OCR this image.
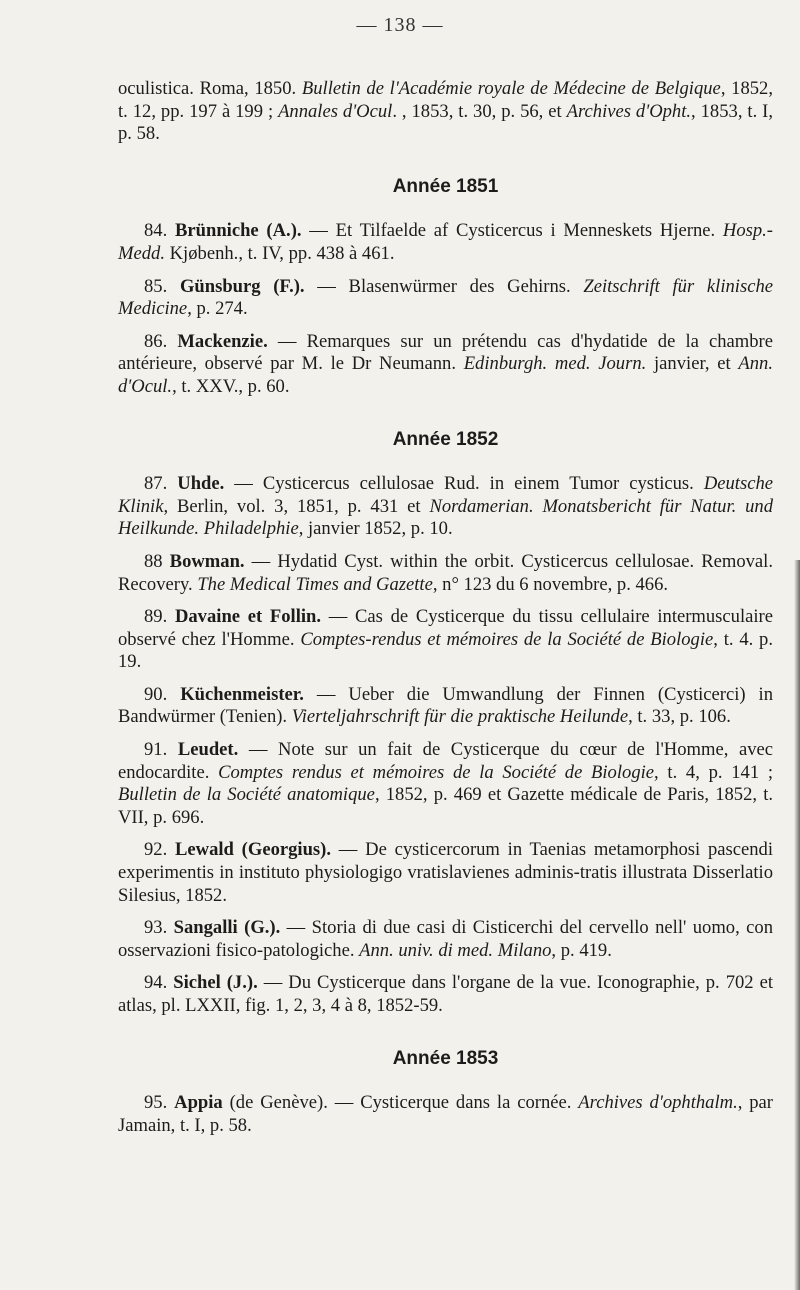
— 138 —

oculistica. Roma, 1850. Bulletin de l'Académie royale de Médecine de Belgique, 1852, t. 12, pp. 197 à 199 ; Annales d'Ocul. , 1853, t. 30, p. 56, et Archives d'Opht., 1853, t. I, p. 58.

Année 1851

84. Brünniche (A.). — Et Tilfaelde af Cysticercus i Menneskets Hjerne. Hosp.-Medd. Kjøbenh., t. IV, pp. 438 à 461.

85. Günsburg (F.). — Blasenwürmer des Gehirns. Zeitschrift für klinische Medicine, p. 274.

86. Mackenzie. — Remarques sur un prétendu cas d'hydatide de la chambre antérieure, observé par M. le Dr Neumann. Edinburgh. med. Journ. janvier, et Ann. d'Ocul., t. XXV., p. 60.

Année 1852

87. Uhde. — Cysticercus cellulosae Rud. in einem Tumor cysticus. Deutsche Klinik, Berlin, vol. 3, 1851, p. 431 et Nordamerian. Monatsbericht für Natur. und Heilkunde. Philadelphie, janvier 1852, p. 10.

88 Bowman. — Hydatid Cyst. within the orbit. Cysticercus cellulosae. Removal. Recovery. The Medical Times and Gazette, n° 123 du 6 novembre, p. 466.

89. Davaine et Follin. — Cas de Cysticerque du tissu cellulaire intermusculaire observé chez l'Homme. Comptes-rendus et mémoires de la Société de Biologie, t. 4. p. 19.

90. Küchenmeister. — Ueber die Umwandlung der Finnen (Cysticerci) in Bandwürmer (Tenien). Vierteljahrschrift für die praktische Heilunde, t. 33, p. 106.

91. Leudet. — Note sur un fait de Cysticerque du cœur de l'Homme, avec endocardite. Comptes rendus et mémoires de la Société de Biologie, t. 4, p. 141 ; Bulletin de la Société anatomique, 1852, p. 469 et Gazette médicale de Paris, 1852, t. VII, p. 696.

92. Lewald (Georgius). — De cysticercorum in Taenias metamorphosi pascendi experimentis in instituto physiologigo vratislavienes adminis-tratis illustrata Disserlatio Silesius, 1852.

93. Sangalli (G.). — Storia di due casi di Cisticerchi del cervello nell' uomo, con osservazioni fisico-patologiche. Ann. univ. di med. Milano, p. 419.

94. Sichel (J.). — Du Cysticerque dans l'organe de la vue. Iconographie, p. 702 et atlas, pl. LXXII, fig. 1, 2, 3, 4 à 8, 1852-59.

Année 1853

95. Appia (de Genève). — Cysticerque dans la cornée. Archives d'ophthalm., par Jamain, t. I, p. 58.
